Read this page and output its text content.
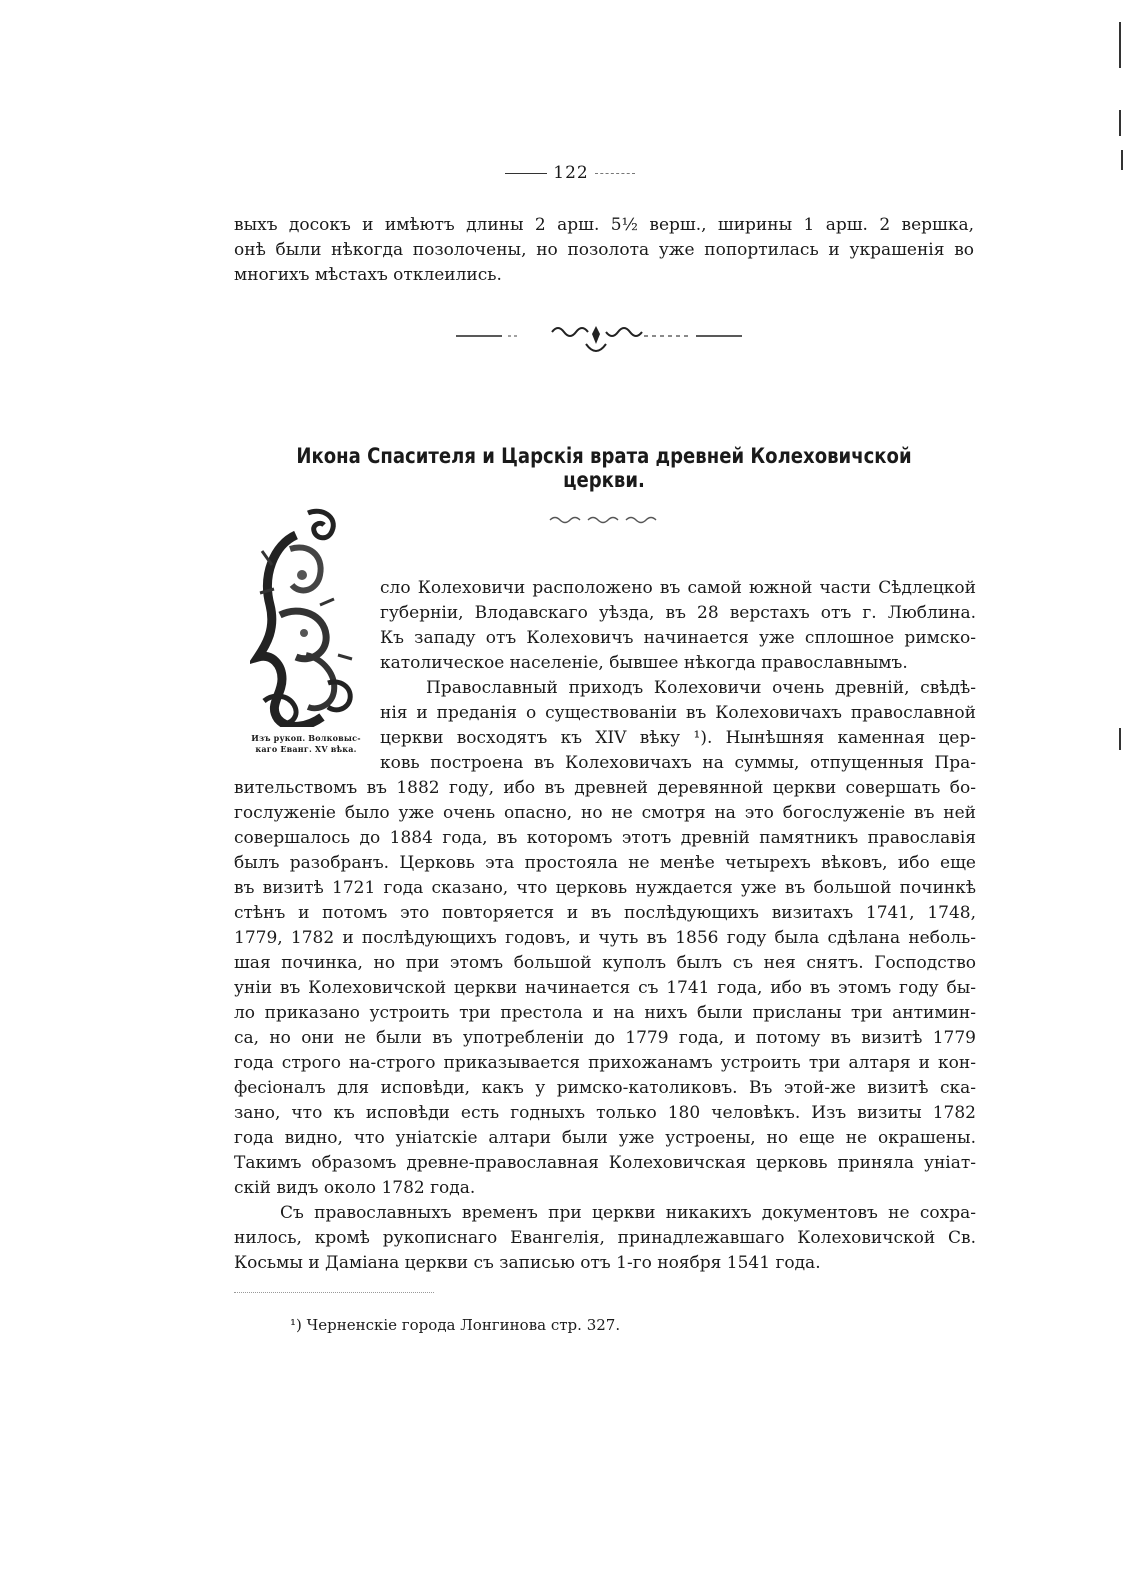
122
выхъ досокъ и имѣютъ длины 2 арш. 5½ верш., ширины 1 арш. 2 вершка,
онѣ были нѣкогда позолочены, но позолота уже попортилась и украшенія во
многихъ мѣстахъ отклеились.
Икона Спасителя и Царскія врата древней Колеховичской церкви.
Изъ рукоп. Волковыс-
каго Еванг. XV вѣка.
сло Колеховичи расположено въ самой южной части Сѣдлецкой
губерніи, Влодавскаго уѣзда, въ 28 верстахъ отъ г. Люблина.
Къ западу отъ Колеховичъ начинается уже сплошное римско-
католическое населеніе, бывшее нѣкогда православнымъ.
Православный приходъ Колеховичи очень древній, свѣдѣ-
нія и преданія о существованіи въ Колеховичахъ православной
церкви восходятъ къ XIV вѣку ¹). Нынѣшняя каменная цер-
ковь построена въ Колеховичахъ на суммы, отпущенныя Пра-
вительствомъ въ 1882 году, ибо въ древней деревянной церкви совершать бо-
гослуженіе было уже очень опасно, но не смотря на это богослуженіе въ ней
совершалось до 1884 года, въ которомъ этотъ древній памятникъ православія
былъ разобранъ. Церковь эта простояла не менѣе четырехъ вѣковъ, ибо еще
въ визитѣ 1721 года сказано, что церковь нуждается уже въ большой починкѣ
стѣнъ и потомъ это повторяется и въ послѣдующихъ визитахъ 1741, 1748,
1779, 1782 и послѣдующихъ годовъ, и чуть въ 1856 году была сдѣлана неболь-
шая починка, но при этомъ большой куполъ былъ съ нея снятъ. Господство
уніи въ Колеховичской церкви начинается съ 1741 года, ибо въ этомъ году бы-
ло приказано устроить три престола и на нихъ были присланы три антимин-
са, но они не были въ употребленіи до 1779 года, и потому въ визитѣ 1779
года строго на-строго приказывается прихожанамъ устроить три алтаря и кон-
фесіоналъ для исповѣди, какъ у римско-католиковъ. Въ этой-же визитѣ ска-
зано, что къ исповѣди есть годныхъ только 180 человѣкъ. Изъ визиты 1782
года видно, что уніатскіе алтари были уже устроены, но еще не окрашены.
Такимъ образомъ древне-православная Колеховичская церковь приняла уніат-
скій видъ около 1782 года.
Съ православныхъ временъ при церкви никакихъ документовъ не сохра-
нилось, кромѣ рукописнаго Евангелія, принадлежавшаго Колеховичской Св.
Косьмы и Даміана церкви съ записью отъ 1-го ноября 1541 года.
¹) Черненскіе города Лонгинова стр. 327.
